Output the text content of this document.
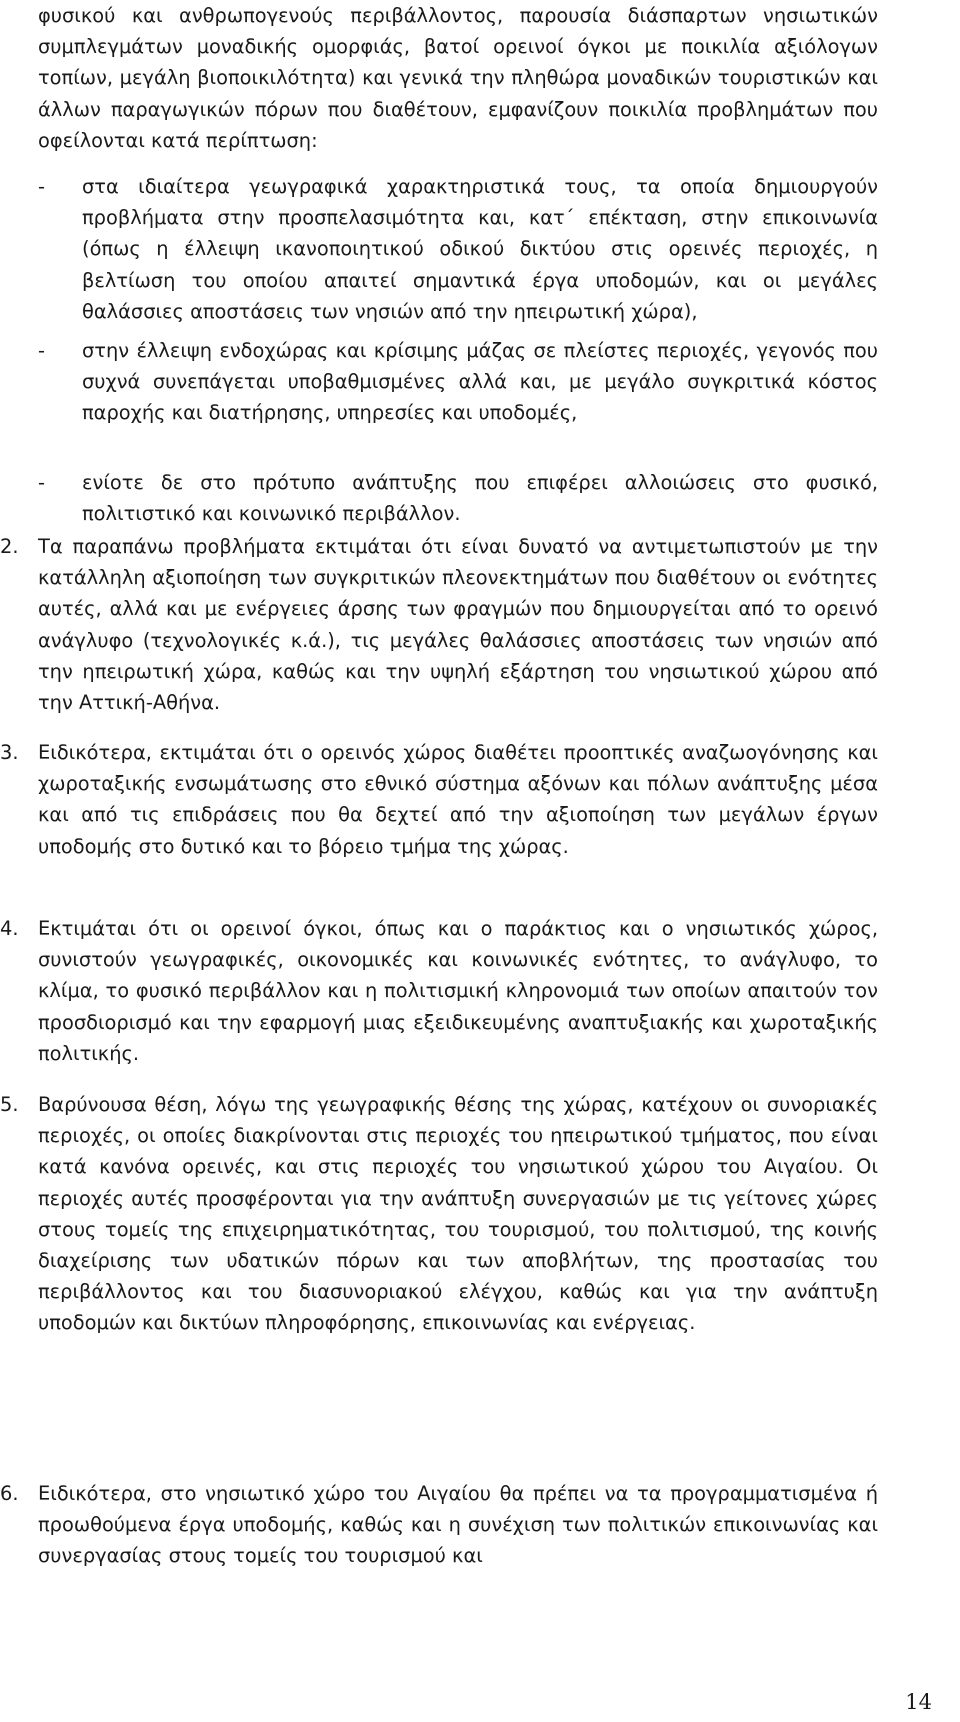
φυσικού και ανθρωπογενούς περιβάλλοντος, παρουσία διάσπαρτων νησιωτικών συμπλεγμάτων μοναδικής ομορφιάς, βατοί ορεινοί όγκοι με ποικιλία αξιόλογων τοπίων, μεγάλη βιοποικιλότητα) και γενικά την πληθώρα μοναδικών τουριστικών και άλλων παραγωγικών πόρων που διαθέτουν, εμφανίζουν ποικιλία προβλημάτων που οφείλονται κατά περίπτωση:

-	στα ιδιαίτερα γεωγραφικά χαρακτηριστικά τους, τα οποία δημιουργούν προβλήματα στην προσπελασιμότητα και, κατ΄ επέκταση, στην επικοινωνία (όπως η έλλειψη ικανοποιητικού οδικού δικτύου στις ορεινές περιοχές, η βελτίωση του οποίου απαιτεί σημαντικά έργα υποδομών, και οι μεγάλες θαλάσσιες αποστάσεις των νησιών από την ηπειρωτική χώρα),
-	στην έλλειψη ενδοχώρας και κρίσιμης μάζας σε πλείστες περιοχές, γεγονός που συχνά συνεπάγεται υποβαθμισμένες αλλά και, με μεγάλο συγκριτικά κόστος παροχής και διατήρησης, υπηρεσίες και υποδομές,
-	ενίοτε δε στο πρότυπο ανάπτυξης που επιφέρει αλλοιώσεις στο φυσικό, πολιτιστικό και κοινωνικό περιβάλλον.
2.	Τα παραπάνω προβλήματα εκτιμάται ότι είναι δυνατό να αντιμετωπιστούν με την κατάλληλη αξιοποίηση των συγκριτικών πλεονεκτημάτων που διαθέτουν οι ενότητες αυτές, αλλά και με ενέργειες άρσης των φραγμών που δημιουργείται από το ορεινό ανάγλυφο (τεχνολογικές κ.ά.), τις μεγάλες θαλάσσιες αποστάσεις των νησιών από την ηπειρωτική χώρα, καθώς και την υψηλή εξάρτηση του νησιωτικού χώρου από την Αττική-Αθήνα.
3.	Ειδικότερα, εκτιμάται ότι ο ορεινός χώρος διαθέτει προοπτικές αναζωογόνησης και χωροταξικής ενσωμάτωσης στο εθνικό σύστημα αξόνων και πόλων ανάπτυξης μέσα και από τις επιδράσεις που θα δεχτεί από την αξιοποίηση των μεγάλων έργων υποδομής στο δυτικό και το βόρειο τμήμα της χώρας.
4.	Εκτιμάται ότι οι ορεινοί όγκοι, όπως και ο παράκτιος και ο νησιωτικός χώρος, συνιστούν γεωγραφικές, οικονομικές και κοινωνικές ενότητες, το ανάγλυφο, το κλίμα, το φυσικό περιβάλλον και η πολιτισμική κληρονομιά των οποίων απαιτούν τον προσδιορισμό και την εφαρμογή μιας εξειδικευμένης αναπτυξιακής και χωροταξικής πολιτικής.
5.	Βαρύνουσα θέση, λόγω της γεωγραφικής θέσης της χώρας, κατέχουν οι συνοριακές περιοχές, οι οποίες διακρίνονται στις περιοχές του ηπειρωτικού τμήματος, που είναι κατά κανόνα ορεινές, και στις περιοχές του νησιωτικού χώρου του Αιγαίου. Οι περιοχές αυτές προσφέρονται για την ανάπτυξη συνεργασιών με τις γείτονες χώρες στους τομείς της επιχειρηματικότητας, του τουρισμού, του πολιτισμού, της κοινής διαχείρισης των υδατικών πόρων και των αποβλήτων, της προστασίας του περιβάλλοντος και του διασυνοριακού ελέγχου, καθώς και για την ανάπτυξη υποδομών και δικτύων πληροφόρησης, επικοινωνίας και ενέργειας.
6.	Ειδικότερα, στο νησιωτικό χώρο του Αιγαίου θα πρέπει να τα προγραμματισμένα ή προωθούμενα έργα υποδομής, καθώς και η συνέχιση των πολιτικών επικοινωνίας και συνεργασίας στους τομείς του τουρισμού και
14
